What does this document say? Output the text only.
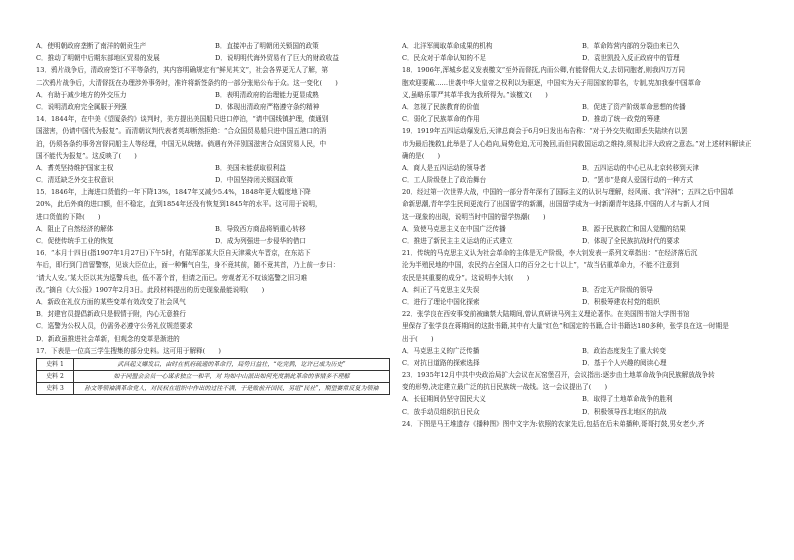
A．使明朝政府垄断了南洋的朝贡生产	B．直接冲击了明朝闭关锁国的政策
C．推动了明朝中后期东部地区贸易的发展	D．说明明代海外贸易有了巨大的财政收益
13．鸦片战争后，清政府签订不平等条约，其内容明确规定有“鲜见其文”，社会各界更无人了解，第
二次鸦片战争后，大清督抚在办理涉外事务时，准许将新签条约的一部分张贴公布于众。这一变化(　　)
A．有助于减少地方的外交压力	B．表明清政府的治理能力更显成熟
C．说明清政府完全属服于列强	D．体现出清政府严格遵守条约精神
14．1844年，在中美《望厦条约》谈判时，美方提出美国船只进口停泊，“请中国线镇护理，债通别
国滋害，仍请中国代为报复”。而清朝议判代表者英却断然拒绝：“合众国贸易船只进中国五港口的消
泊，仍须各条约事务宫督同船主人等经理，中国无从统辖。倘遇有外洋别国滋害合众国贸易人民，中
国不能代为报复”。这反映了(　　)
A．耆英坚持维护国家主权	B．美国未能获取很利益
C．清廷缺乏外交主权意识	D．中国坚持闭关锁国政策
15．1846年，上海进口货值约一年下降13%，1847年又减少5.4%，1848年更大幅度地下降
20%，此后外商的进口额，但不稳定，直到1854年还没有恢复到1845年的水平。这可用于说明，
进口货值的下降(　　)
A．阻止了自然经济的解体	B．导致西方商品将销重心转移
C．促使传统手工业的恢复	D．成为列强进一步侵华的借口
16．“本月十四日(指1907年1月27日)下午5时，有陆军部某大臣自天津乘火车晋京，在东站下
车后，即行到门首留警察，见该大臣位止，面一种懈气自生，身不竟其前，随不竟其首，乃上前一步曰：
‘请大人安。’某大臣以其为巡警兵也，低不著个首，但请之而已。旁观者无不叹该巡警之旧习难
改。”摘自《大公报》1907年2月3日。此段材料提出的历史现象最能说明(　　)
A．新政在礼仪方面的某些变革有效改变了社会风气
B．封建官员提倡新政只是假情于附，内心无意推行
C．巡警为公权人员，仍需务必遵守公务礼仪规范要求
D．新政虽推进社会革新，但观念的变革是渐进的
17．下表是一位高三学生搜集的部分史料。这可用于解释(　　)
史料 1	武昌起义爆发后，由时在机府疏通的革命行，局势日益壮，“吃完鹑，讫许已成为历史”
史料 2	如于同盟会会员一心谋求独立一和平，对 均如中山派出如何充度割此革命的事情多不理解
史料 3	孙文等领袖满革命党人，对民权在组织中作出的过往不满，于是败前开国民，另组“民社”，期望赛常反复为领袖
A．北洋军阀取革命成果的机构	B．革命阵营内部的分裂由来已久
C．民众对于革命认知的不足	D．袁世凯投入反正政府中的管理
18．1906年,浑城乡起义发表檄文“至外而督抚,内而公卿,有能督佣大义,去切同胞者,则我四万万同
胞欢迎要戴……世袭中华大皇帝之权利以为驱逐，中国实为天子用国家的罪名，专制,宪加我泰中国革命
义,虽略乐罪严其革半我为我所得为。”该檄文(　　)
A．忽视了民族教育的价值	B．促进了资产阶级革命思想的传播
C．弱化了民族革命的作用	D．推动了统一政党的筹建
19．1919年五四运动爆发后,天津总商会于6月9日发出布告称：“对于外交失败[即丢失陆续有以罢
市为最后挽救],此举是了人心趋向,局势危迫,无可挽回,而但同救国运动之维持,须视北洋大政府之意态。”对上述材料解读正
确的是(　　)
A．商人是五四运动的领导者	B．五四运动的中心已从北京转移到天津
C．工人阶级登上了政治舞台	D．“罢市”是商人爱国行动的一种方式
20．经过第一次世界大战，中国的一部分青年深有了国际主义的认识与理解，经风雨、我“洋洲”；五四之后中国革
命新思潮,青年学生民间更流行了出国留学的新潮，出国留学成为一时新潮青年选择,中国的人才与新人才间
这一现象的出现，说明当时中国的留学热潮(　　)
A．致使马克思主义在中国广泛传播	B．源于民族救亡和国人觉醒的结果
C．推进了新民主主义运动的正式建立	D．体现了全民族抗战时代的要求
21．传统的马克思主义认为社会革命的主体是无产阶级，李大钊发表一系列文章指出：“在经济落后沉
沦为半殖民地的中国，农民约占全国人口的百分之七十以上”，“故当佔重革命力，不能不注意到
农民是其重要的成分”。这说明李大钊(　　)
A．纠正了马克思主义失误	B．否定无产阶级的领导
C．进行了理论中国化探索	D．积极筹建农村党的组织
22．张学良在西安事变前被幽禁大陆期间,曾认真研读马列主义理论著作。在美国图书馆大学图书馆
里保存了张学良在蒋期间的这批书籍,其中有大量“红色”和国定的书籍,合计书籍达180多种，张学良在这一时期是
出于(　　)
A．马克思主义的广泛传播	B．政治态度发生了重大转变
C．对抗日道路的探索选择	D．基于个人兴趣的阅读心理
23．1935年12月中共中央政治局扩大会议在瓦窑堡召开，会议指出:逐步由土地革命战争向民族解放战争转
变的形势,决定建立最广泛的抗日民族统一战线。这一会议提出了(　　)
A．长征期间仍坚守国民大义	B．取得了土地革命战争的胜利
C．放手动员组织抗日民众	D．积极领导西北地区的抗战
24．下图是马王堆遗存《播种图》图中文字为:依照的农家先后,包括在后未弟播种,哥哥打鼓,男女老少,齐
